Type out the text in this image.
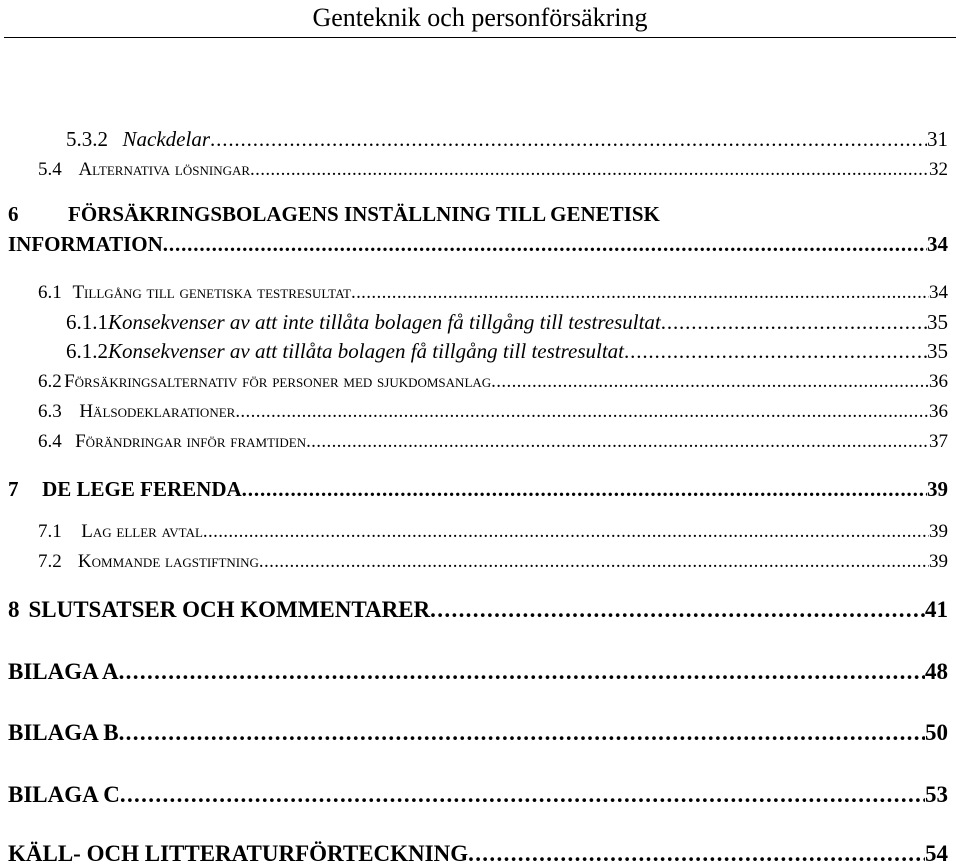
Genteknik och personförsäkring
5.3.2 Nackdelar . . .	31
5.4 Alternativa lösningar . . .	32
6	FÖRSÄKRINGSBOLAGENS INSTÄLLNING TILL GENETISK
INFORMATION . . .	34
6.1 Tillgång till genetiska testresultat . . .	34
6.1.1 Konsekvenser av att inte tillåta bolagen få tillgång till testresultat . . .	35
6.1.2 Konsekvenser av att tillåta bolagen få tillgång till testresultat . . .	35
6.2 Försäkringsalternativ för personer med sjukdomsanlag . . .	36
6.3 Hälsodeklarationer . . .	36
6.4 Förändringar inför framtiden . . .	37
7	DE LEGE FERENDA . . .	39
7.1	Lag eller avtal . . .	39
7.2 Kommande lagstiftning . . .	39
8 SLUTSATSER OCH KOMMENTARER . . .	41
BILAGA A . . .	48
BILAGA B . . .	50
BILAGA C . . .	53
KÄLL- OCH LITTERATURFÖRTECKNING . . .	54
